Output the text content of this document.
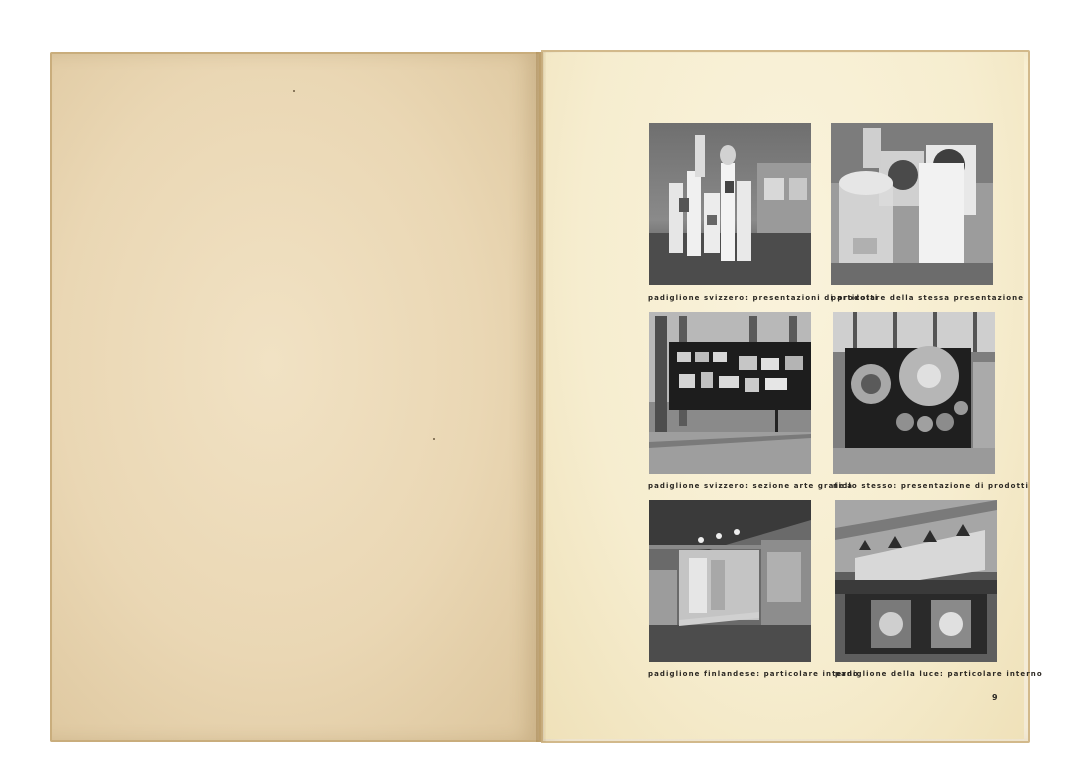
padiglione svizzero: presentazioni di prodotti
particolare della stessa presentazione
padiglione svizzero: sezione arte grafica
nello stesso: presentazione di prodotti
padiglione finlandese: particolare interno
padiglione della luce: particolare interno
9
